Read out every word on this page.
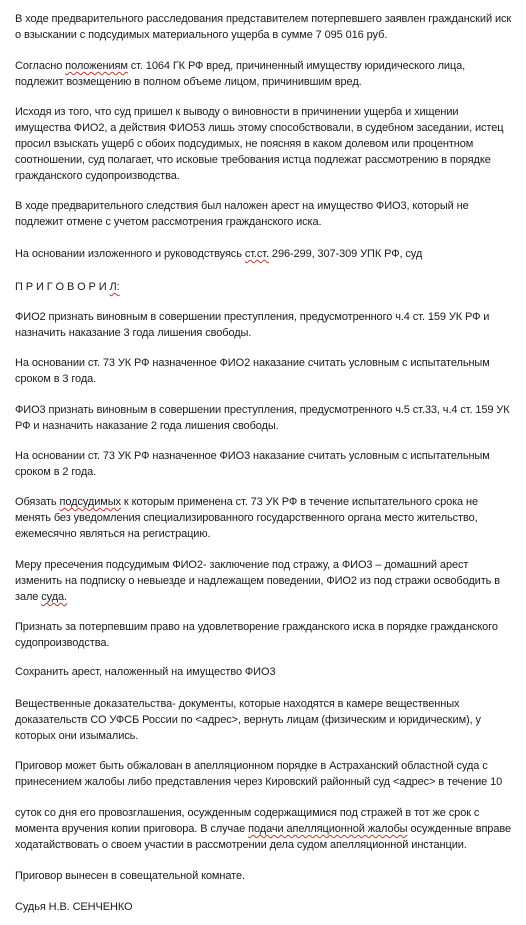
В ходе предварительного расследования представителем потерпевшего заявлен гражданский иск
о взыскании с подсудимых материального ущерба в сумме 7 095 016 руб.

Согласно положениям ст. 1064 ГК РФ вред, причиненный имуществу юридического лица,
подлежит возмещению в полном объеме лицом, причинившим вред.

Исходя из того, что суд пришел к выводу о виновности в причинении ущерба и хищении
имущества ФИО2, а действия ФИО53 лишь этому способствовали, в судебном заседании, истец
просил взыскать ущерб с обоих подсудимых, не поясняя в каком долевом или процентном
соотношении, суд полагает, что исковые требования истца подлежат рассмотрению в порядке
гражданского судопроизводства.

В ходе предварительного следствия был наложен арест на имущество ФИО3, который не
подлежит отмене с учетом рассмотрения гражданского иска.

На основании изложенного и руководствуясь ст.ст. 296-299, 307-309 УПК РФ, суд

П Р И Г О В О Р И Л:

ФИО2 признать виновным в совершении преступления, предусмотренного ч.4 ст. 159 УК РФ и
назначить наказание 3 года лишения свободы.

На основании ст. 73 УК РФ назначенное ФИО2 наказание считать условным с испытательным
сроком в 3 года.

ФИО3 признать виновным в совершении преступления, предусмотренного ч.5 ст.33, ч.4 ст. 159 УК
РФ и назначить наказание 2 года лишения свободы.

На основании ст. 73 УК РФ назначенное ФИО3 наказание считать условным с испытательным
сроком в 2 года.

Обязать подсудимых к которым применена ст. 73 УК РФ в течение испытательного срока не
менять без уведомления специализированного государственного органа место жительство,
ежемесячно являться на регистрацию.

Меру пресечения подсудимым ФИО2- заключение под стражу, а ФИО3 – домашний арест
изменить на подписку о невыезде и надлежащем поведении, ФИО2 из под стражи освободить в
зале суда.

Признать за потерпевшим право на удовлетворение гражданского иска в порядке гражданского
судопроизводства.

Сохранить арест, наложенный на имущество ФИО3

Вещественные доказательства- документы, которые находятся в камере вещественных
доказательств СО УФСБ России по <адрес>, вернуть лицам (физическим и юридическим), у
которых они изымались.

Приговор может быть обжалован в апелляционном порядке в Астраханский областной суда с
принесением жалобы либо представления через Кировский районный суд <адрес> в течение 10

суток со дня его провозглашения, осужденным содержащимися под стражей в тот же срок с
момента вручения копии приговора. В случае подачи апелляционной жалобы осужденные вправе
ходатайствовать о своем участии в рассмотрении дела судом апелляционной инстанции.

Приговор вынесен в совещательной комнате.

Судья Н.В. СЕНЧЕНКО
